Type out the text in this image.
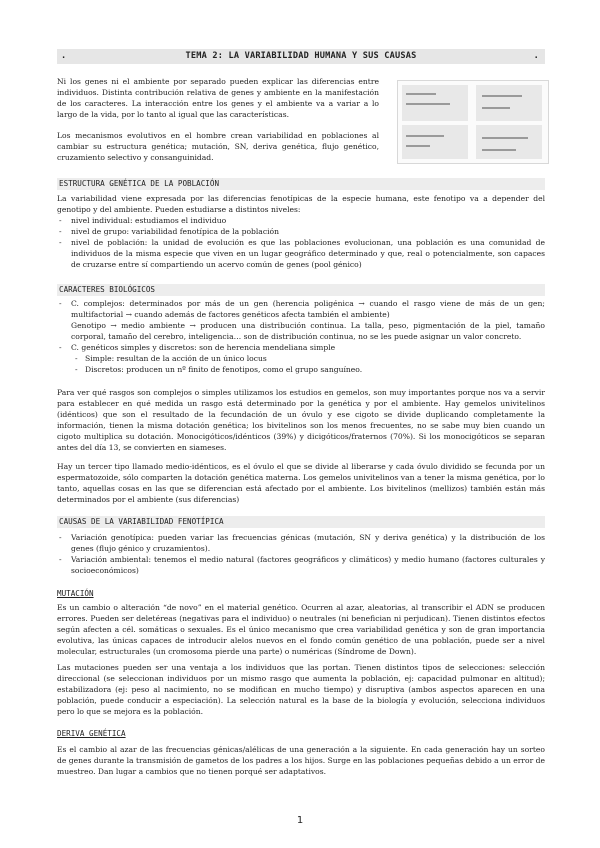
.	TEMA 2: LA VARIABILIDAD HUMANA Y SUS CAUSAS	.

Ni los genes ni el ambiente por separado pueden explicar las diferencias entre individuos. Distinta contribución relativa de genes y ambiente en la manifestación de los caracteres. La interacción entre los genes y el ambiente va a variar a lo largo de la vida, por lo tanto al igual que las características.

Los mecanismos evolutivos en el hombre crean variabilidad en poblaciones al cambiar su estructura genética; mutación, SN, deriva genética, flujo genético, cruzamiento selectivo y consanguinidad.

ESTRUCTURA GENÉTICA DE LA POBLACIÓN

La variabilidad viene expresada por las diferencias fenotípicas de la especie humana, este fenotipo va a depender del genotipo y del ambiente. Pueden estudiarse a distintos niveles:

- nivel individual: estudiamos el individuo
- nivel de grupo: variabilidad fenotípica de la población
- nivel de población: la unidad de evolución es que las poblaciones evolucionan, una población es una comunidad de individuos de la misma especie que viven en un lugar geográfico determinado y que, real o potencialmente, son capaces de cruzarse entre sí compartiendo un acervo común de genes (pool génico)
CARACTERES BIOLÓGICOS
- C. complejos: determinados por más de un gen (herencia poligénica → cuando el rasgo viene de más de un gen; multifactorial → cuando además de factores genéticos afecta también el ambiente)
Genotipo → medio ambiente → producen una distribución continua. La talla, peso, pigmentación de la piel, tamaño corporal, tamaño del cerebro, inteligencia… son de distribución continua, no se les puede asignar un valor concreto.
- C. genéticos simples y discretos: son de herencia mendeliana simple
- Simple: resultan de la acción de un único locus
- Discretos: producen un nº finito de fenotipos, como el grupo sanguíneo.

Para ver qué rasgos son complejos o simples utilizamos los estudios en gemelos, son muy importantes porque nos va a servir para establecer en qué medida un rasgo está determinado por la genética y por el ambiente. Hay gemelos univitelinos (idénticos) que son el resultado de la fecundación de un óvulo y ese cigoto se divide duplicando completamente la información, tienen la misma dotación genética; los bivitelinos son los menos frecuentes, no se sabe muy bien cuando un cigoto multiplica su dotación. Monocigóticos/idénticos (39%) y dicigóticos/fraternos (70%). Si los monocigóticos se separan antes del día 13, se convierten en siameses.

Hay un tercer tipo llamado medio-idénticos, es el óvulo el que se divide al liberarse y cada óvulo dividido se fecunda por un espermatozoide, sólo comparten la dotación genética materna. Los gemelos univitelinos van a tener la misma genética, por lo tanto, aquellas cosas en las que se diferencian está afectado por el ambiente. Los bivitelinos (mellizos) también están más determinados por el ambiente (sus diferencias)

CAUSAS DE LA VARIABILIDAD FENOTÍPICA
- Variación genotípica: pueden variar las frecuencias génicas (mutación, SN y deriva genética) y la distribución de los genes (flujo génico y cruzamientos).
- Variación ambiental: tenemos el medio natural (factores geográficos y climáticos) y medio humano (factores culturales y socioeconómicos)
MUTACIÓN

Es un cambio o alteración “de novo” en el material genético. Ocurren al azar, aleatorias, al transcribir el ADN se producen errores. Pueden ser deletéreas (negativas para el individuo) o neutrales (ni benefician ni perjudican). Tienen distintos efectos según afecten a cél. somáticas o sexuales. Es el único mecanismo que crea variabilidad genética y son de gran importancia evolutiva, las únicas capaces de introducir alelos nuevos en el fondo común genético de una población, puede ser a nivel molecular, estructurales (un cromosoma pierde una parte) o numéricas (Síndrome de Down).

Las mutaciones pueden ser una ventaja a los individuos que las portan. Tienen distintos tipos de selecciones: selección direccional (se seleccionan individuos por un mismo rasgo que aumenta la población, ej: capacidad pulmonar en altitud); estabilizadora (ej: peso al nacimiento, no se modifican en mucho tiempo) y disruptiva (ambos aspectos aparecen en una población, puede conducir a especiación). La selección natural es la base de la biología y evolución, selecciona individuos pero lo que se mejora es la población.

DERIVA GENÉTICA

Es el cambio al azar de las frecuencias génicas/alélicas de una generación a la siguiente. En cada generación hay un sorteo de genes durante la transmisión de gametos de los padres a los hijos. Surge en las poblaciones pequeñas debido a un error de muestreo. Dan lugar a cambios que no tienen porqué ser adaptativos.

1
